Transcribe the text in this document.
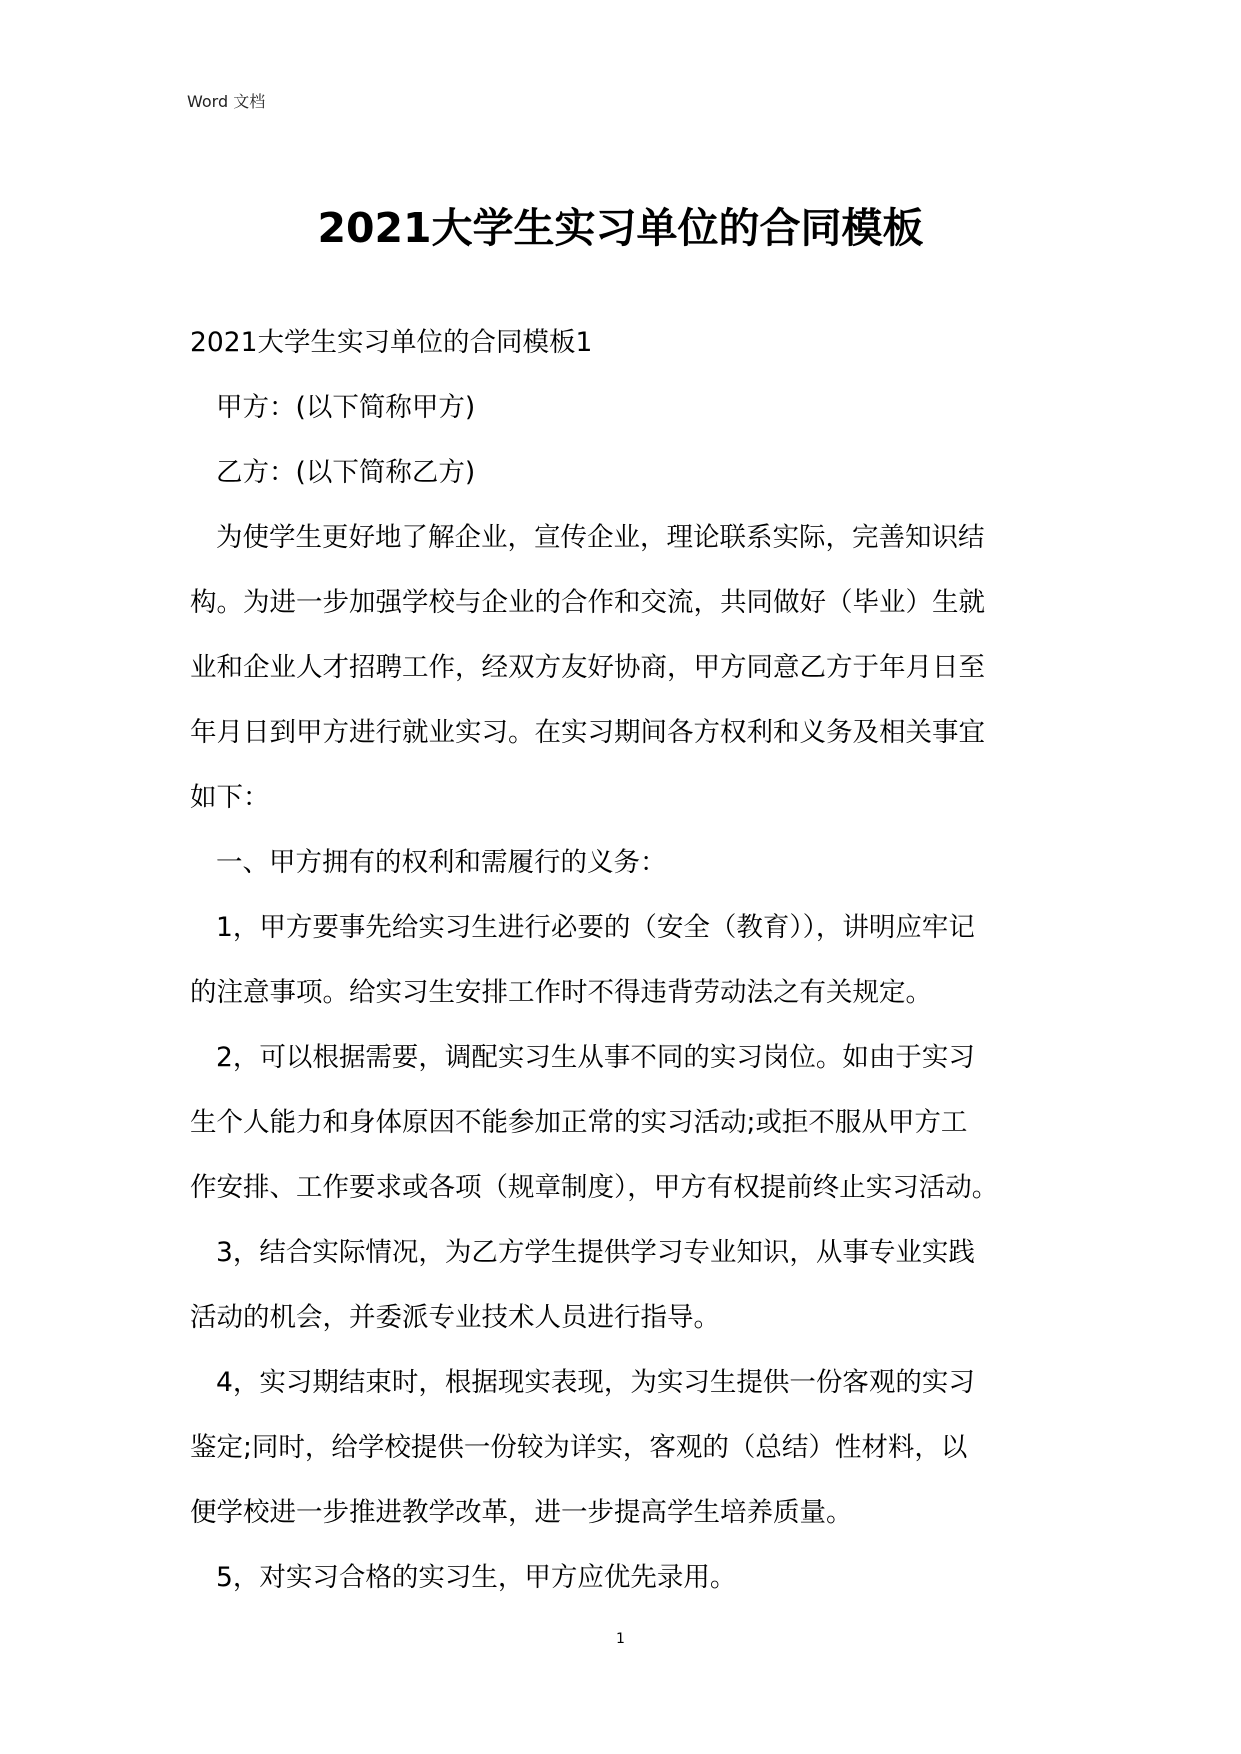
Word 文档
2021大学生实习单位的合同模板
2021大学生实习单位的合同模板1
甲方：(以下简称甲方)
乙方：(以下简称乙方)
为使学生更好地了解企业，宣传企业，理论联系实际，完善知识结
构。为进一步加强学校与企业的合作和交流，共同做好（毕业）生就
业和企业人才招聘工作，经双方友好协商，甲方同意乙方于年月日至
年月日到甲方进行就业实习。在实习期间各方权利和义务及相关事宜
如下：
一、甲方拥有的权利和需履行的义务：
1，甲方要事先给实习生进行必要的（安全（教育）），讲明应牢记
的注意事项。给实习生安排工作时不得违背劳动法之有关规定。
2，可以根据需要，调配实习生从事不同的实习岗位。如由于实习
生个人能力和身体原因不能参加正常的实习活动;或拒不服从甲方工
作安排、工作要求或各项（规章制度），甲方有权提前终止实习活动。
3，结合实际情况，为乙方学生提供学习专业知识，从事专业实践
活动的机会，并委派专业技术人员进行指导。
4，实习期结束时，根据现实表现，为实习生提供一份客观的实习
鉴定;同时，给学校提供一份较为详实，客观的（总结）性材料，以
便学校进一步推进教学改革，进一步提高学生培养质量。
5，对实习合格的实习生，甲方应优先录用。
1
